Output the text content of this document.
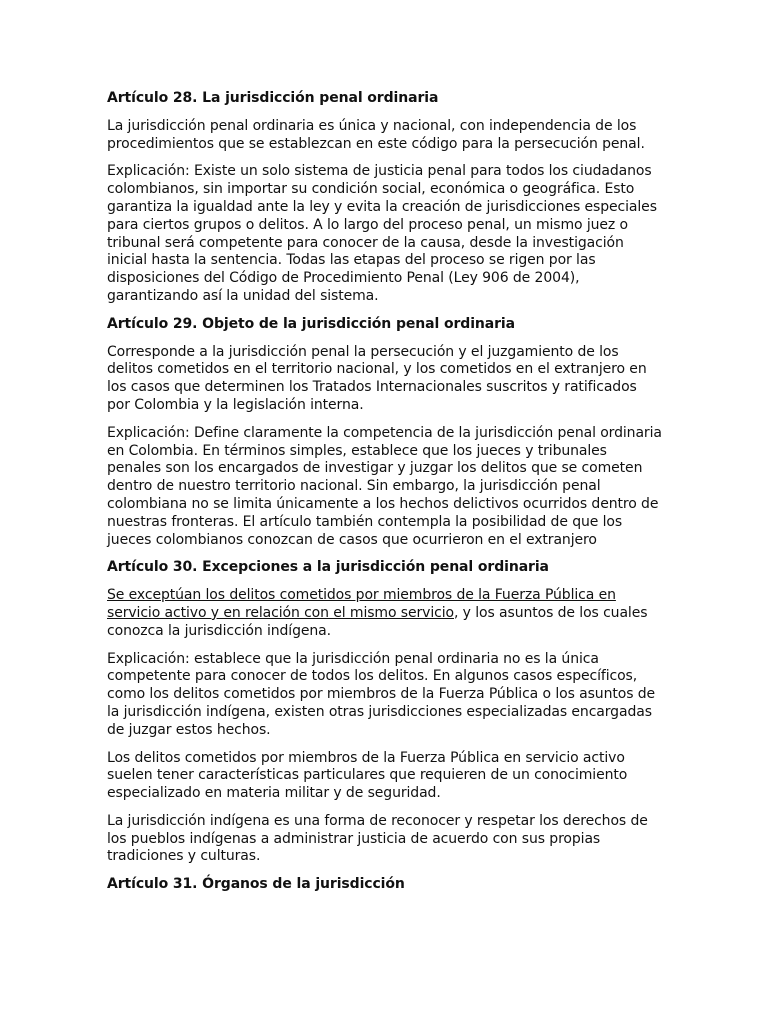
Artículo 28. La jurisdicción penal ordinaria

La jurisdicción penal ordinaria es única y nacional, con independencia de los procedimientos que se establezcan en este código para la persecución penal.

Explicación: Existe un solo sistema de justicia penal para todos los ciudadanos colombianos, sin importar su condición social, económica o geográfica. Esto garantiza la igualdad ante la ley y evita la creación de jurisdicciones especiales para ciertos grupos o delitos. A lo largo del proceso penal, un mismo juez o tribunal será competente para conocer de la causa, desde la investigación inicial hasta la sentencia. Todas las etapas del proceso se rigen por las disposiciones del Código de Procedimiento Penal (Ley 906 de 2004), garantizando así la unidad del sistema.

Artículo 29. Objeto de la jurisdicción penal ordinaria

Corresponde a la jurisdicción penal la persecución y el juzgamiento de los delitos cometidos en el territorio nacional, y los cometidos en el extranjero en los casos que determinen los Tratados Internacionales suscritos y ratificados por Colombia y la legislación interna.

Explicación: Define claramente la competencia de la jurisdicción penal ordinaria en Colombia. En términos simples, establece que los jueces y tribunales penales son los encargados de investigar y juzgar los delitos que se cometen dentro de nuestro territorio nacional. Sin embargo, la jurisdicción penal colombiana no se limita únicamente a los hechos delictivos ocurridos dentro de nuestras fronteras. El artículo también contempla la posibilidad de que los jueces colombianos conozcan de casos que ocurrieron en el extranjero

Artículo 30. Excepciones a la jurisdicción penal ordinaria

Se exceptúan los delitos cometidos por miembros de la Fuerza Pública en servicio activo y en relación con el mismo servicio, y los asuntos de los cuales conozca la jurisdicción indígena.

Explicación: establece que la jurisdicción penal ordinaria no es la única competente para conocer de todos los delitos. En algunos casos específicos, como los delitos cometidos por miembros de la Fuerza Pública o los asuntos de la jurisdicción indígena, existen otras jurisdicciones especializadas encargadas de juzgar estos hechos.

Los delitos cometidos por miembros de la Fuerza Pública en servicio activo suelen tener características particulares que requieren de un conocimiento especializado en materia militar y de seguridad.

La jurisdicción indígena es una forma de reconocer y respetar los derechos de los pueblos indígenas a administrar justicia de acuerdo con sus propias tradiciones y culturas.

Artículo 31. Órganos de la jurisdicción
